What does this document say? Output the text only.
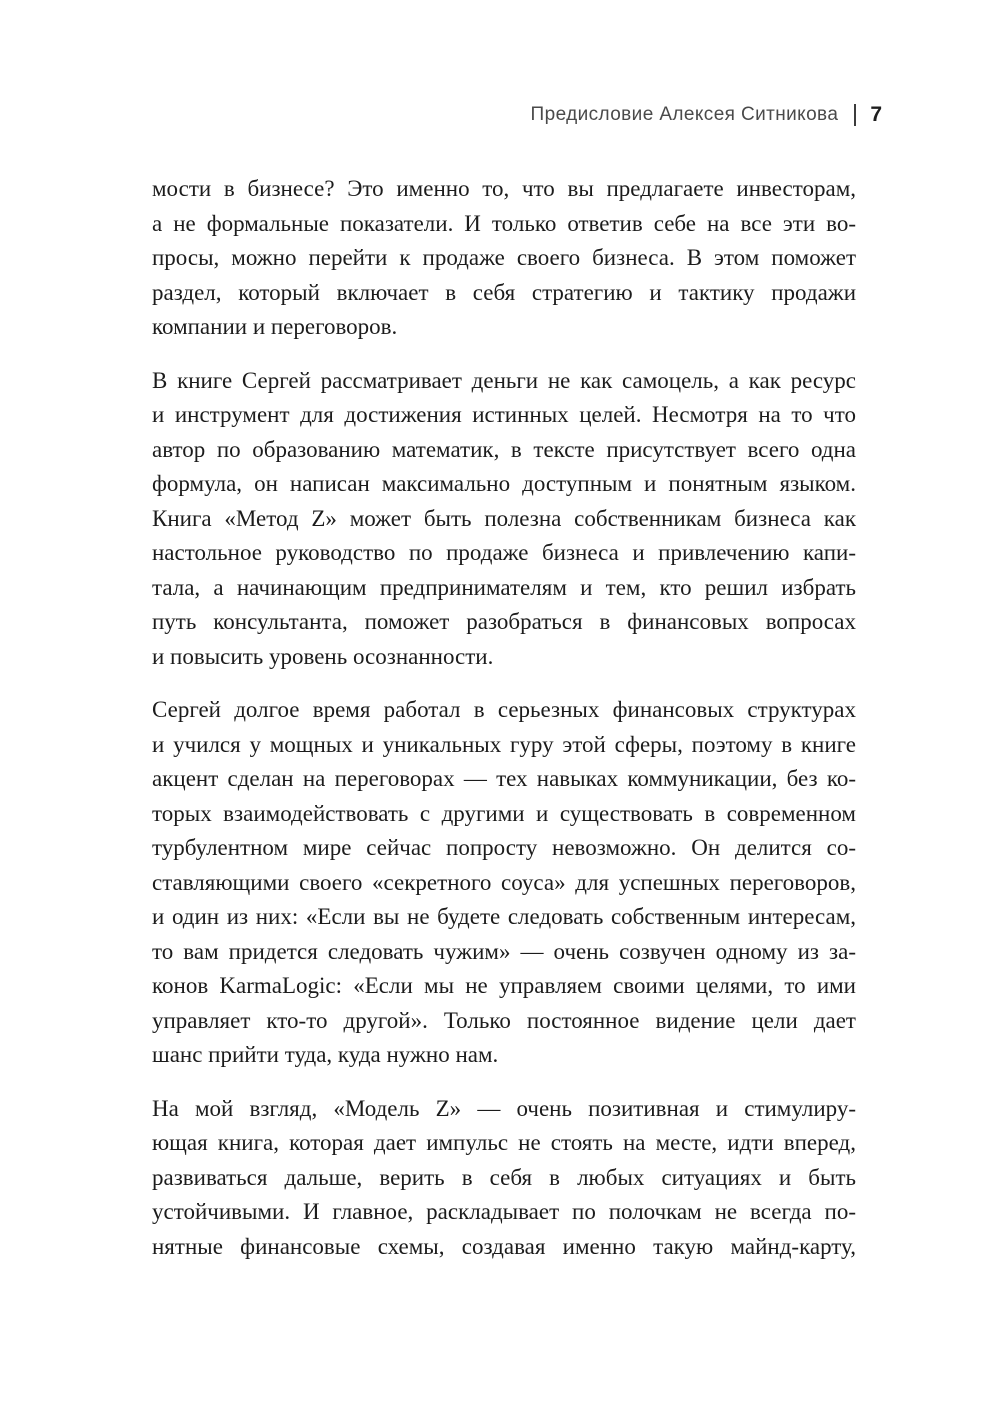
Предисловие Алексея Ситникова 7

мости в бизнесе? Это именно то, что вы предлагаете инвесторам,
а не формальные показатели. И только ответив себе на все эти во-
просы, можно перейти к продаже своего бизнеса. В этом поможет
раздел, который включает в себя стратегию и тактику продажи
компании и переговоров.

В книге Сергей рассматривает деньги не как самоцель, а как ресурс
и инструмент для достижения истинных целей. Несмотря на то что
автор по образованию математик, в тексте присутствует всего одна
формула, он написан максимально доступным и понятным языком.
Книга «Метод Z» может быть полезна собственникам бизнеса как
настольное руководство по продаже бизнеса и привлечению капи-
тала, а начинающим предпринимателям и тем, кто решил избрать
путь консультанта, поможет разобраться в финансовых вопросах
и повысить уровень осознанности.

Сергей долгое время работал в серьезных финансовых структурах
и учился у мощных и уникальных гуру этой сферы, поэтому в книге
акцент сделан на переговорах — тех навыках коммуникации, без ко-
торых взаимодействовать с другими и существовать в современном
турбулентном мире сейчас попросту невозможно. Он делится со-
ставляющими своего «секретного соуса» для успешных переговоров,
и один из них: «Если вы не будете следовать собственным интересам,
то вам придется следовать чужим» — очень созвучен одному из за-
конов KarmaLogic: «Если мы не управляем своими целями, то ими
управляет кто-то другой». Только постоянное видение цели дает
шанс прийти туда, куда нужно нам.

На мой взгляд, «Модель Z» — очень позитивная и стимулиру-
ющая книга, которая дает импульс не стоять на месте, идти вперед,
развиваться дальше, верить в себя в любых ситуациях и быть
устойчивыми. И главное, раскладывает по полочкам не всегда по-
нятные финансовые схемы, создавая именно такую майнд-карту,
